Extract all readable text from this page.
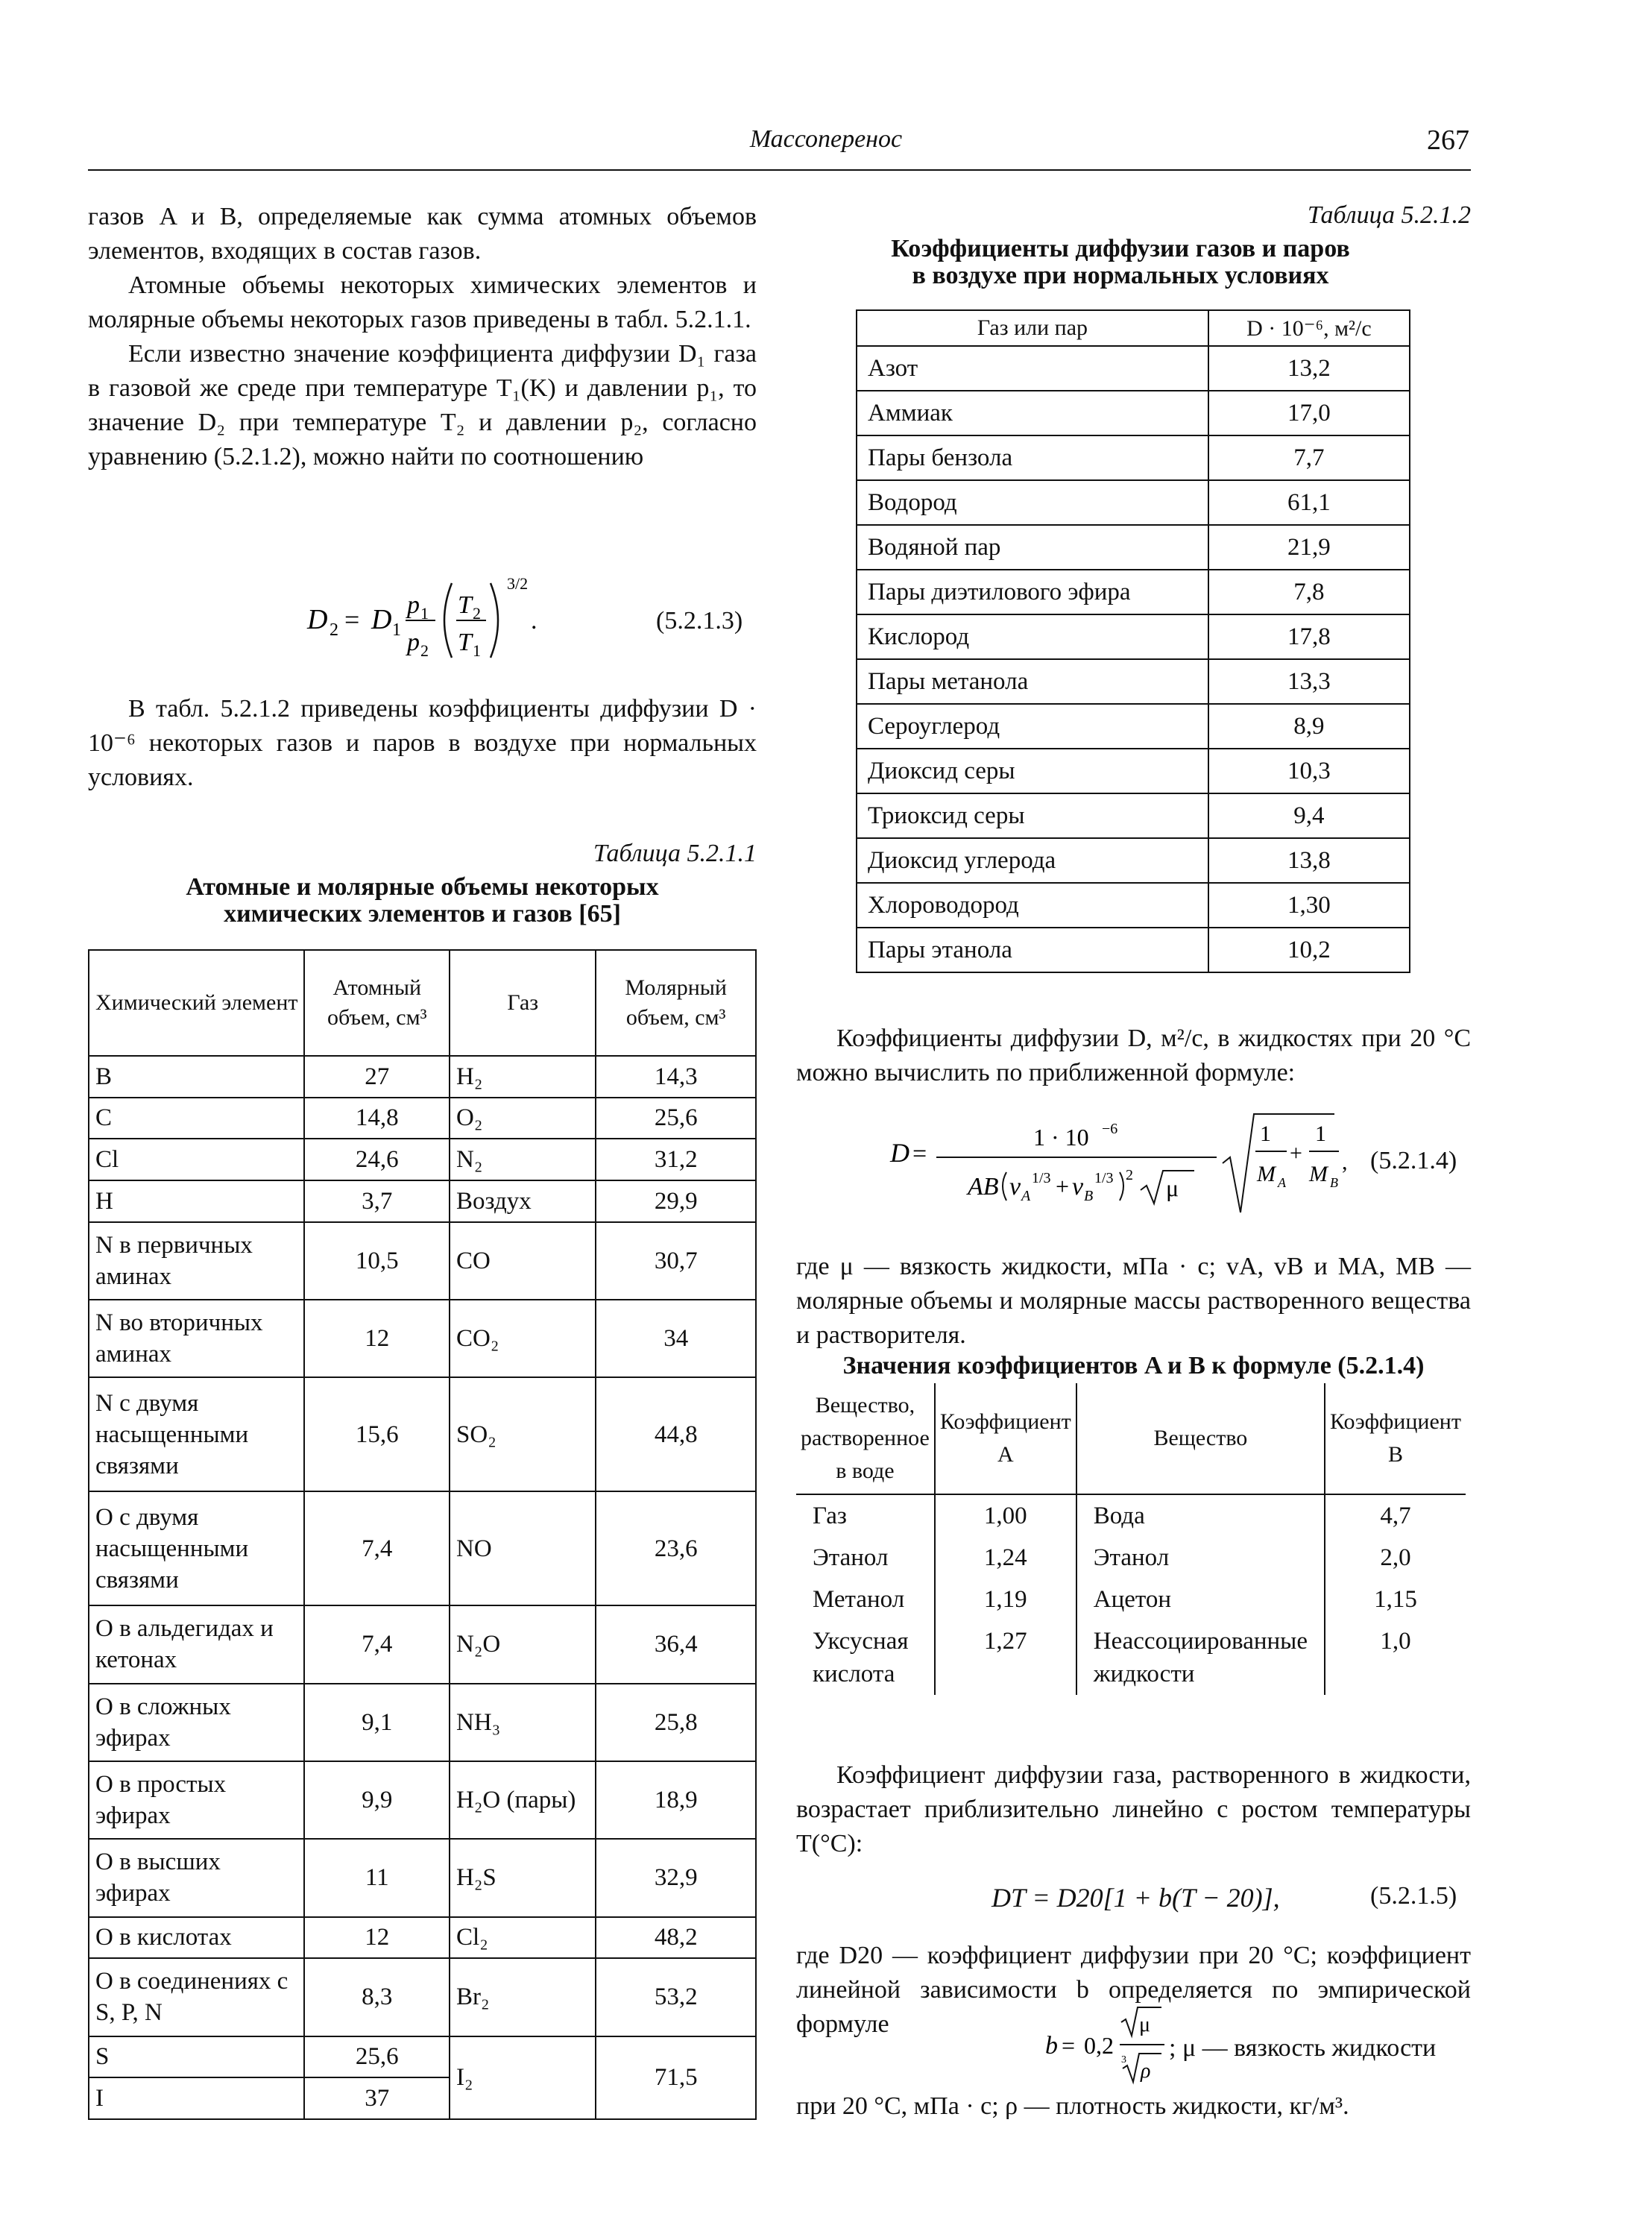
Массоперенос	267

газов A и B, определяемые как сумма атомных объемов элементов, входящих в состав газов.

Атомные объемы некоторых химических элементов и молярные объемы некоторых газов приведены в табл. 5.2.1.1.

Если известно значение коэффициента диффузии D₁ газа в газовой же среде при температуре T₁(K) и давлении p₁, то значение D₂ при температуре T₂ и давлении p₂, согласно уравнению (5.2.1.2), можно найти по соотношению

D 2 = D 1
p 1
p 2
T 2
T 1
3/2
.	(5.2.1.3)

В табл. 5.2.1.2 приведены коэффициенты диффузии D · 10⁻⁶ некоторых газов и паров в воздухе при нормальных условиях.

Таблица 5.2.1.1
Атомные и молярные объемы некоторых
химических элементов и газов [65]
Химический элемент	Атомный объем, см³	Газ	Молярный объем, см³
B	27	H₂	14,3
C	14,8	O₂	25,6
Cl	24,6	N₂	31,2
H	3,7	Воздух	29,9
N в первичных аминах	10,5	CO	30,7
N во вторичных аминах	12	CO₂	34
N с двумя насыщенными связями	15,6	SO₂	44,8
O с двумя насыщенными связями	7,4	NO	23,6
O в альдегидах и кетонах	7,4	N₂O	36,4
O в сложных эфирах	9,1	NH₃	25,8
O в простых эфирах	9,9	H₂O (пары)	18,9
O в высших эфирах	11	H₂S	32,9
O в кислотах	12	Cl₂	48,2
O в соединениях с S, P, N	8,3	Br₂	53,2
S	25,6	I₂	71,5
I	37		
Таблица 5.2.1.2
Коэффициенты диффузии газов и паров
в воздухе при нормальных условиях
Газ или пар	D · 10⁻⁶, м²/с
Азот	13,2
Аммиак	17,0
Пары бензола	7,7
Водород	61,1
Водяной пар	21,9
Пары диэтилового эфира	7,8
Кислород	17,8
Пары метанола	13,3
Сероуглерод	8,9
Диоксид серы	10,3
Триоксид серы	9,4
Диоксид углерода	13,8
Хлороводород	1,30
Пары этанола	10,2

Коэффициенты диффузии D, м²/с, в жидкостях при 20 °C можно вычислить по приближенной формуле:

D =
1 · 10 −6
AB v A
1/3 + v B
1/3 2 μ
1
M A
+
1
M B
, (5.2.1.4)

где μ — вязкость жидкости, мПа · с; vA, vB и MA, MB — молярные объемы и молярные массы растворенного вещества и растворителя.

Значения коэффициентов A и B к формуле (5.2.1.4)
Вещество, растворенное в воде	Коэффициент A	Вещество	Коэффициент B
Газ	1,00	Вода	4,7
Этанол	1,24	Этанол	2,0
Метанол	1,19	Ацетон	1,15
Уксусная кислота	1,27	Неассоциированные жидкости	1,0

Коэффициент диффузии газа, растворенного в жидкости, возрастает приблизительно линейно с ростом температуры T(°C):

DT = D20[1 + b(T − 20)],	(5.2.1.5)

где D20 — коэффициент диффузии при 20 °C; коэффициент линейной зависимости b определяется по эмпирической формуле

b = 0,2
μ
3 ρ
; μ — вязкость жидкости

при 20 °C, мПа · с; ρ — плотность жидкости, кг/м³.
